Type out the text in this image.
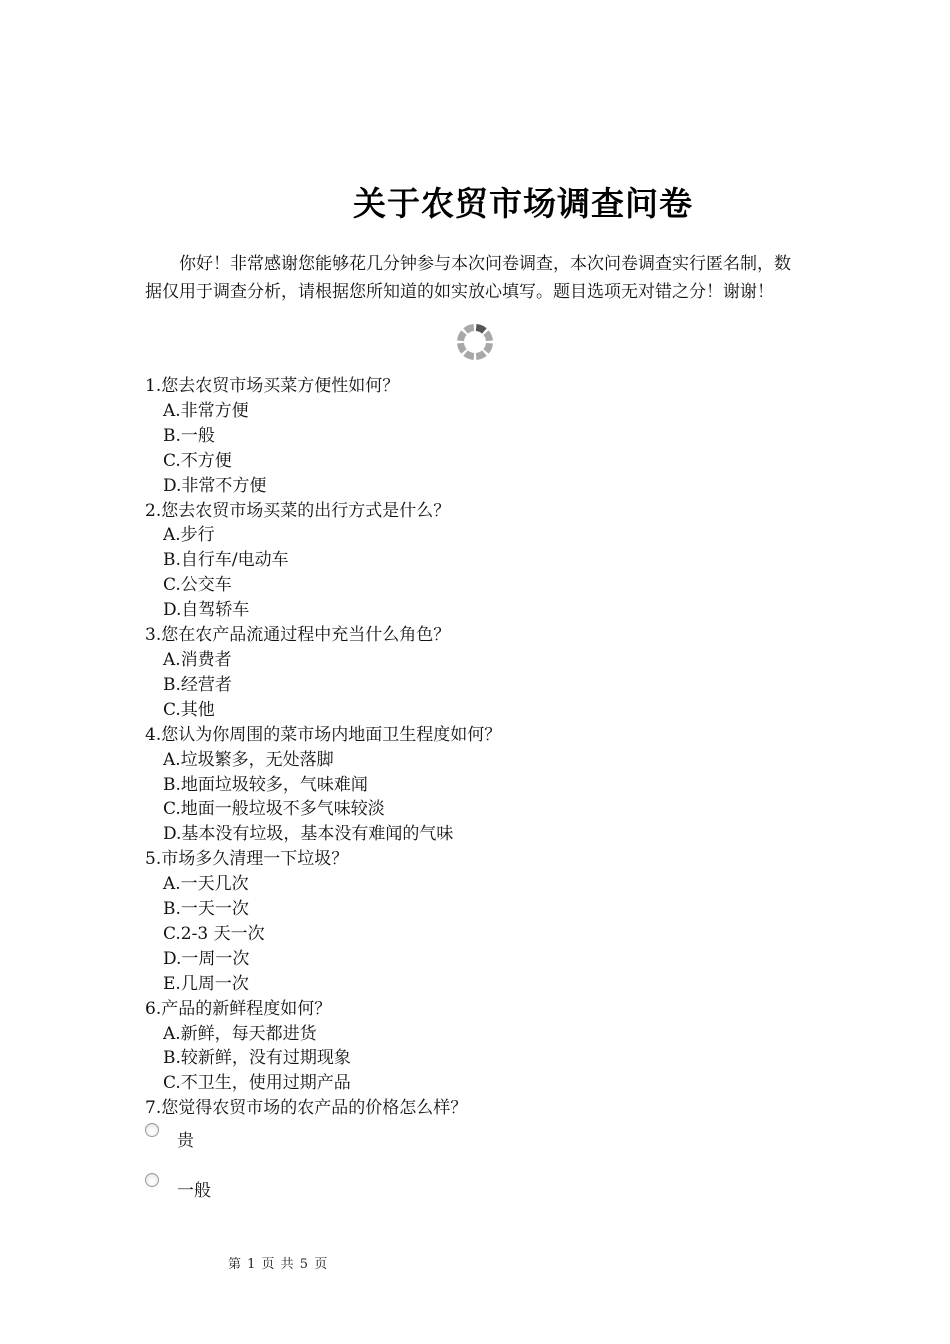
关于农贸市场调查问卷
你好！非常感谢您能够花几分钟参与本次问卷调查，本次问卷调查实行匿名制，数据仅用于调查分析，请根据您所知道的如实放心填写。题目选项无对错之分！谢谢！
1.您去农贸市场买菜方便性如何？
A.非常方便
B.一般
C.不方便
D.非常不方便
2.您去农贸市场买菜的出行方式是什么？
A.步行
B.自行车/电动车
C.公交车
D.自驾轿车
3.您在农产品流通过程中充当什么角色？
A.消费者
B.经营者
C.其他
4.您认为你周围的菜市场内地面卫生程度如何？
A.垃圾繁多，无处落脚
B.地面垃圾较多，气味难闻
C.地面一般垃圾不多气味较淡
D.基本没有垃圾，基本没有难闻的气味
5.市场多久清理一下垃圾？
A.一天几次
B.一天一次
C.2-3 天一次
D.一周一次
E.几周一次
6.产品的新鲜程度如何？
A.新鲜，每天都进货
B.较新鲜，没有过期现象
C.不卫生，使用过期产品
7.您觉得农贸市场的农产品的价格怎么样？
贵
一般
第 1 页 共 5 页
